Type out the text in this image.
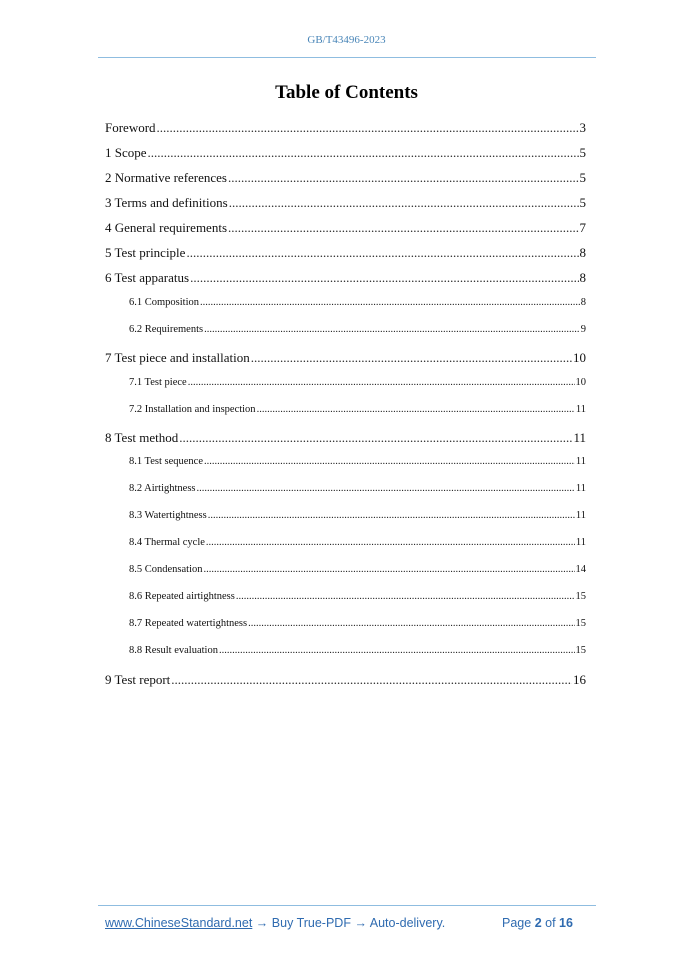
GB/T43496-2023
Table of Contents
Foreword .....	3
1 Scope .....	5
2 Normative references .....	5
3 Terms and definitions .....	5
4 General requirements .....	7
5 Test principle .....	8
6 Test apparatus .....	8
6.1 Composition .....	8
6.2 Requirements .....	9
7 Test piece and installation .....	10
7.1 Test piece .....	10
7.2 Installation and inspection .....	11
8 Test method .....	11
8.1 Test sequence .....	11
8.2 Airtightness .....	11
8.3 Watertightness .....	11
8.4 Thermal cycle .....	11
8.5 Condensation .....	14
8.6 Repeated airtightness .....	15
8.7 Repeated watertightness .....	15
8.8 Result evaluation .....	15
9 Test report .....	16
www.ChineseStandard.net → Buy True-PDF → Auto-delivery.	Page 2 of 16
